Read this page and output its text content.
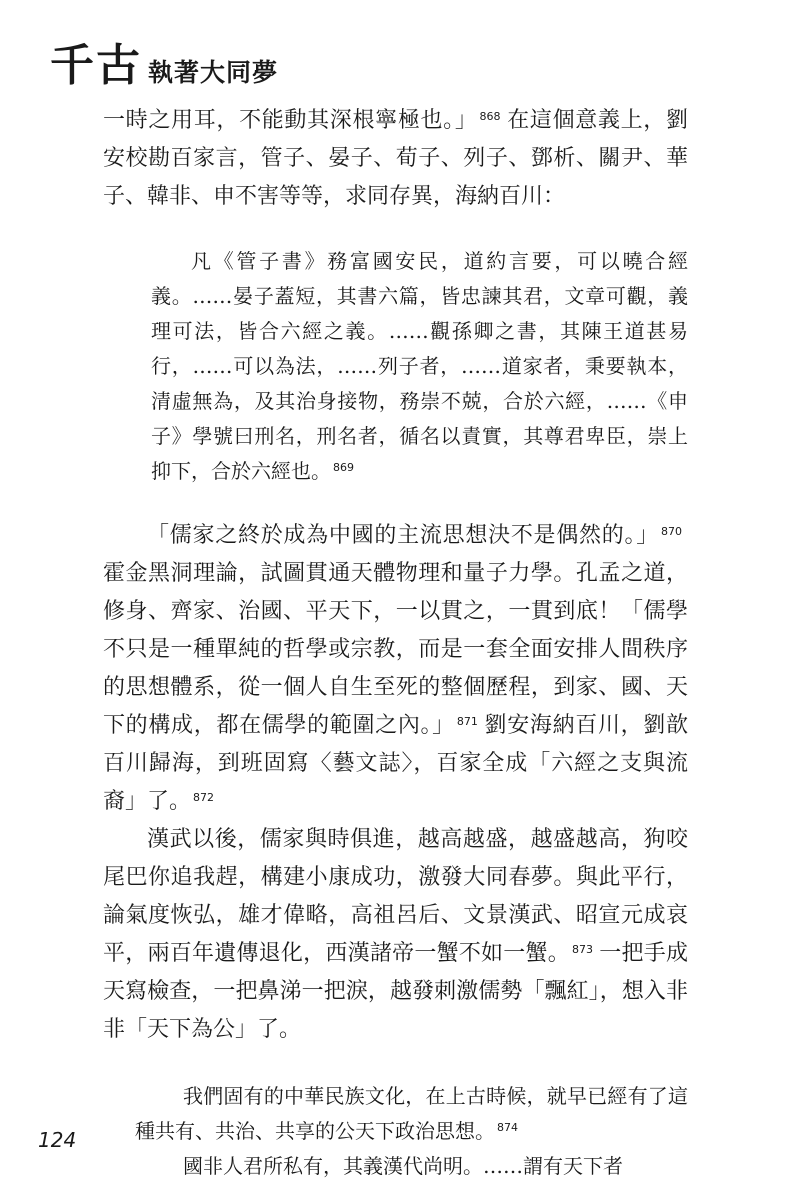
千古 執著大同夢

一時之用耳，不能動其深根寧極也。」 $^{868}$ 在這個意義上，劉安校勘百家言，管子、晏子、荀子、列子、鄧析、關尹、華子、韓非、申不害等等，求同存異，海納百川：

凡《管子書》務富國安民，道約言要，可以曉合經義。……晏子蓋短，其書六篇，皆忠諫其君，文章可觀，義理可法，皆合六經之義。……觀孫卿之書，其陳王道甚易行，……可以為法，……列子者，……道家者，秉要執本，清虛無為，及其治身接物，務崇不兢，合於六經，……《申子》學號曰刑名，刑名者，循名以責實，其尊君卑臣，崇上抑下，合於六經也。 $^{869}$

「儒家之終於成為中國的主流思想決不是偶然的。」 $^{870}$霍金黑洞理論，試圖貫通天體物理和量子力學。孔孟之道，修身、齊家、治國、平天下，一以貫之，一貫到底！「儒學不只是一種單純的哲學或宗教，而是一套全面安排人間秩序的思想體系，從一個人自生至死的整個歷程，到家、國、天下的構成，都在儒學的範圍之內。」 $^{871}$ 劉安海納百川，劉歆百川歸海，到班固寫〈藝文誌〉，百家全成「六經之支與流裔」了。 $^{872}$

漢武以後，儒家與時俱進，越高越盛，越盛越高，狗咬尾巴你追我趕，構建小康成功，激發大同春夢。與此平行，論氣度恢弘，雄才偉略，高祖呂后、文景漢武、昭宣元成哀平，兩百年遺傳退化，西漢諸帝一蟹不如一蟹。 $^{873}$ 一把手成天寫檢查，一把鼻涕一把淚，越發刺激儒勢「飄紅」，想入非非「天下為公」了。

我們固有的中華民族文化，在上古時候，就早已經有了這種共有、共治、共享的公天下政治思想。 $^{874}$

國非人君所私有，其義漢代尚明。……謂有天下者

124
